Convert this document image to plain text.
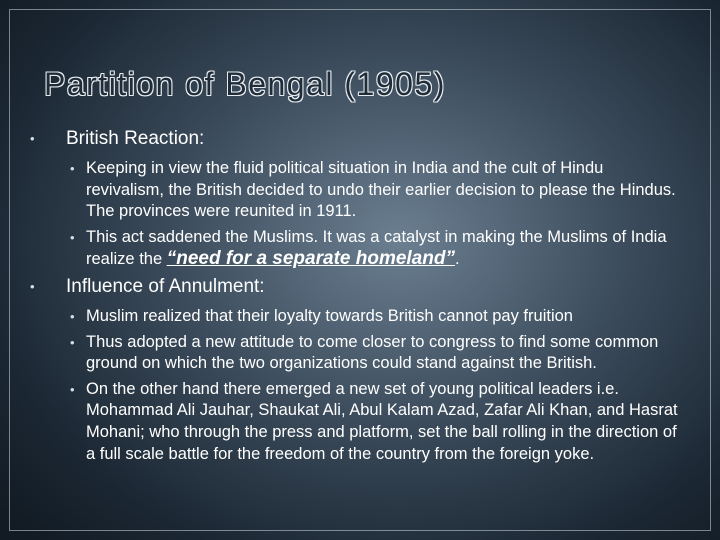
Partition of Bengal (1905)
• British Reaction:
• Keeping in view the fluid political situation in India and the cult of Hindu revivalism, the British decided to undo their earlier decision to please the Hindus. The provinces were reunited in 1911.
• This act saddened the Muslims. It was a catalyst in making the Muslims of India realize the “need for a separate homeland”.
• Influence of Annulment:
• Muslim realized that their loyalty towards British cannot pay fruition
• Thus adopted a new attitude to come closer to congress to find some common ground on which the two organizations could stand against the British.
• On the other hand there emerged a new set of young political leaders i.e. Mohammad Ali Jauhar, Shaukat Ali, Abul Kalam Azad, Zafar Ali Khan, and Hasrat Mohani; who through the press and platform, set the ball rolling in the direction of a full scale battle for the freedom of the country from the foreign yoke.
